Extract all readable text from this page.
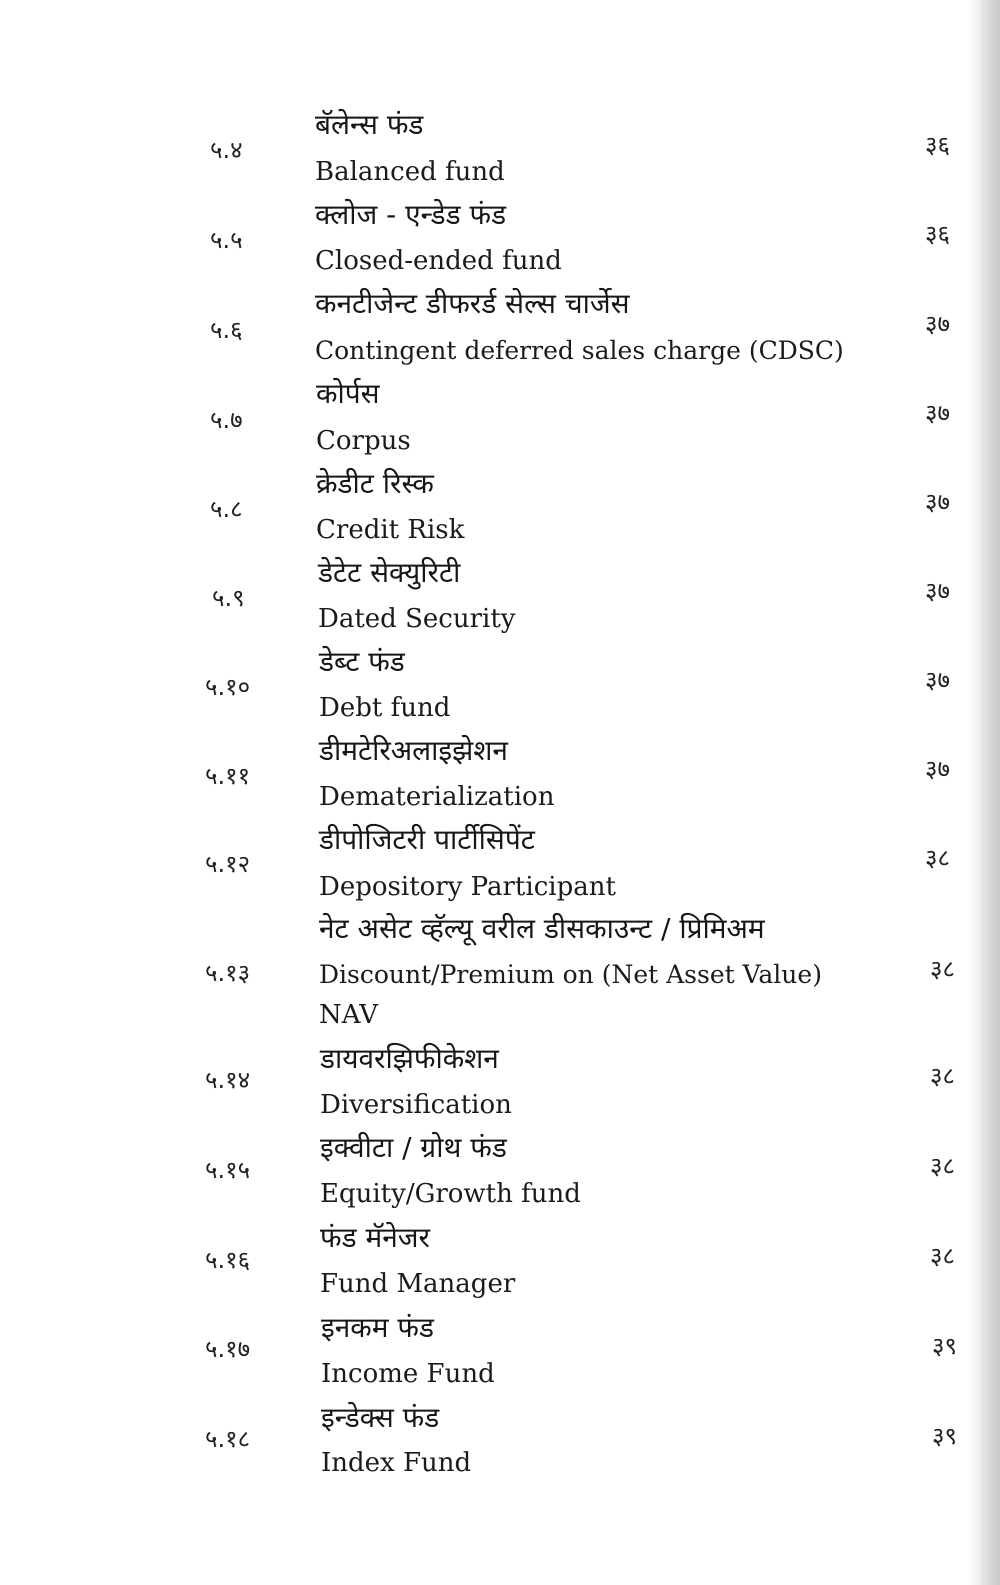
५.४
बॅलेन्स फंड
Balanced fund
३६
५.५
क्लोज - एन्डेड फंड
Closed-ended fund
३६
५.६
कनटीजेन्ट डीफरर्ड सेल्स चार्जेस
Contingent deferred sales charge (CDSC)
३७
५.७
कोर्पस
Corpus
३७
५.८
क्रेडीट रिस्क
Credit Risk
३७
५.९
डेटेट सेक्युरिटी
Dated Security
३७
५.१०
डेब्ट फंड
Debt fund
३७
५.११
डीमटेरिअलाइझेशन
Dematerialization
३७
५.१२
डीपोजिटरी पार्टीसिपेंट
Depository Participant
३८
५.१३
नेट असेट व्हॅल्यू वरील डीसकाउन्ट / प्रिमिअम
Discount/Premium on (Net Asset Value)
NAV
३८
५.१४
डायवरझिफीकेशन
Diversification
३८
५.१५
इक्वीटा / ग्रोथ फंड
Equity/Growth fund
३८
५.१६
फंड मॅनेजर
Fund Manager
३८
५.१७
इनकम फंड
Income Fund
३९
५.१८
इन्डेक्स फंड
Index Fund
३९
